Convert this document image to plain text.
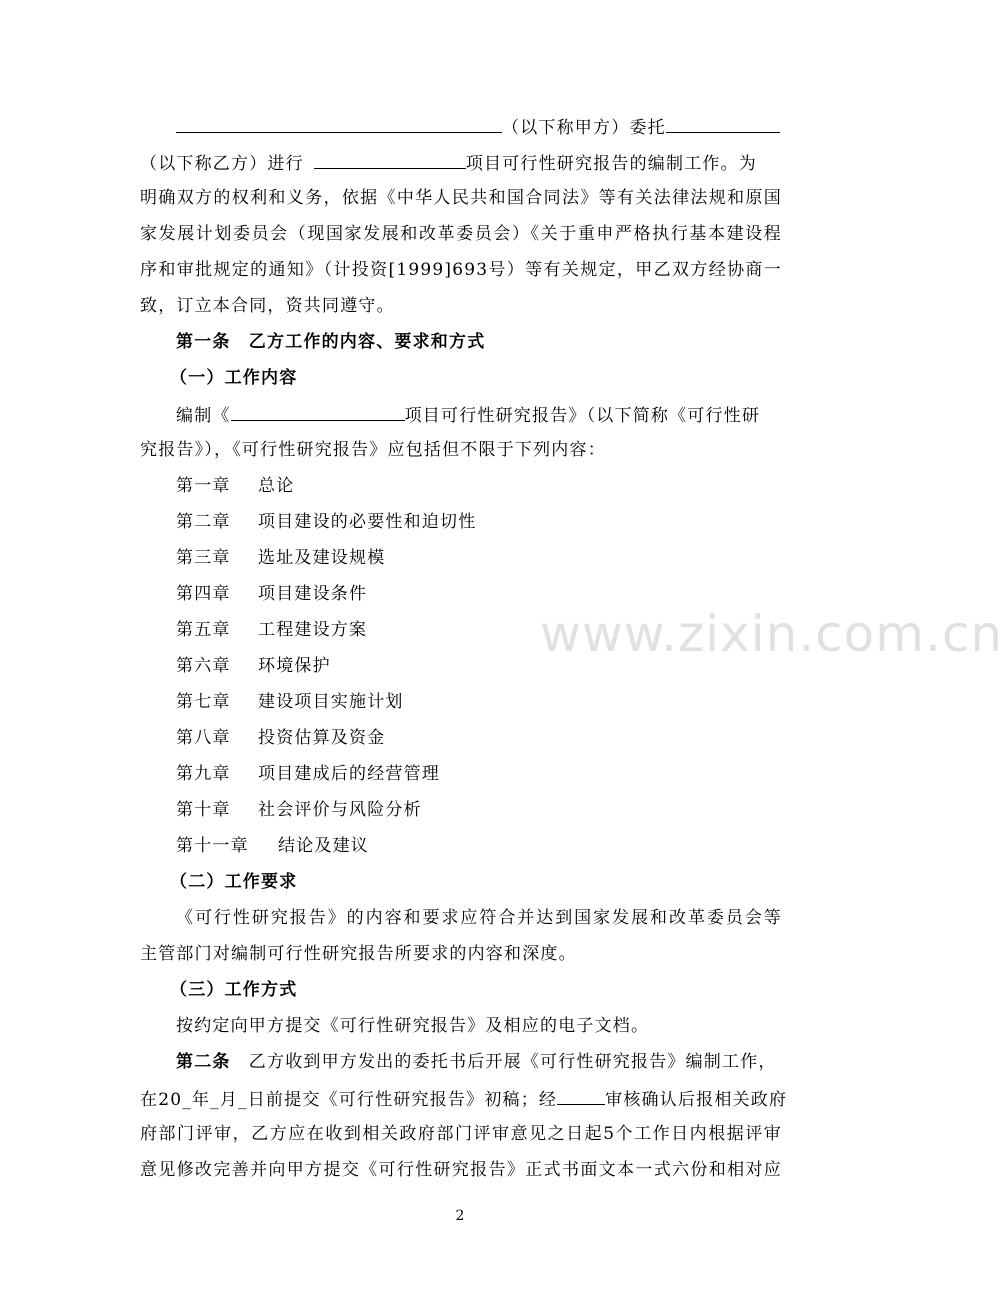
（以下称甲方）委托
（以下称乙方）进行	项目可行性研究报告的编制工作。为
明确双方的权利和义务，依据《中华人民共和国合同法》等有关法律法规和原国
家发展计划委员会（现国家发展和改革委员会）《关于重申严格执行基本建设程
序和审批规定的通知》（计投资[1999]693号）等有关规定，甲乙双方经协商一
致，订立本合同，资共同遵守。
第一条　乙方工作的内容、要求和方式
（一）工作内容
编制《	项目可行性研究报告》（以下简称《可行性研
究报告》），《可行性研究报告》应包括但不限于下列内容：
第一章 总论
第二章 项目建设的必要性和迫切性
第三章 选址及建设规模
第四章 项目建设条件
第五章 工程建设方案
第六章 环境保护
第七章 建设项目实施计划
第八章 投资估算及资金
第九章 项目建成后的经营管理
第十章 社会评价与风险分析
第十一章 结论及建议
（二）工作要求
《可行性研究报告》的内容和要求应符合并达到国家发展和改革委员会等
主管部门对编制可行性研究报告所要求的内容和深度。
（三）工作方式
按约定向甲方提交《可行性研究报告》及相应的电子文档。
第二条　乙方收到甲方发出的委托书后开展《可行性研究报告》编制工作，
在20_年_月_日前提交《可行性研究报告》初稿；经	审核确认后报相关政府
府部门评审，乙方应在收到相关政府部门评审意见之日起5个工作日内根据评审
意见修改完善并向甲方提交《可行性研究报告》正式书面文本一式六份和相对应
www.zixin.com.cn
2
